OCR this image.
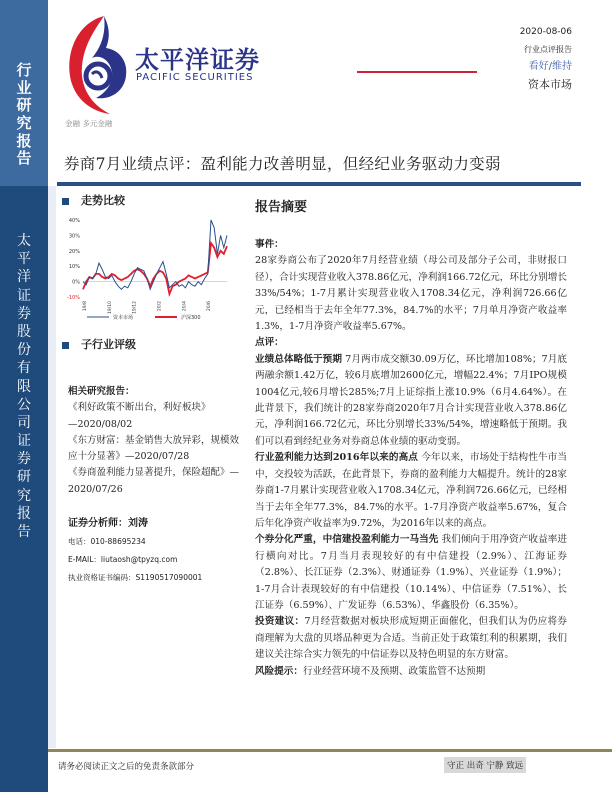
行
业
研
究
报
告
太
平
洋
证
券
股
份
有
限
公
司
证
券
研
究
报
告
太平洋证券
PACIFIC SECURITIES
2020-08-06
行业点评报告
看好/维持
资本市场
金融 多元金融
券商7月业绩点评：盈利能力改善明显，但经纪业务驱动力变弱
走势比较
40%
30%
20%
10%
0%
-10%
19/8	19/10	19/12	20/2	20/4	20/6
资本市场	沪深300
子行业评级
相关研究报告：
《利好政策不断出台，利好板块》
—2020/08/02
《东方财富：基金销售大放异彩，规模效应十分显著》—2020/07/28
《券商盈利能力显著提升，保险超配》—2020/07/26
证券分析师：刘涛
电话：010-88695234
E-MAIL：liutaosh@tpyzq.com
执业资格证书编码：S1190517090001
报告摘要

事件：

28家券商公布了2020年7月经营业绩（母公司及部分子公司，非财报口径），合计实现营业收入378.86亿元，净利润166.72亿元，环比分别增长33%/54%；1-7月累计实现营业收入1708.34亿元，净利润726.66亿元，已经相当于去年全年77.3%，84.7%的水平；7月单月净资产收益率1.3%，1-7月净资产收益率5.67%。

点评：

业绩总体略低于预期 7月两市成交额30.09万亿，环比增加108%；7月底两融余额1.42万亿，较6月底增加2600亿元，增幅22.4%；7月IPO规模1004亿元,较6月增长285%;7月上证综指上涨10.9%（6月4.64%）。在此背景下，我们统计的28家券商2020年7月合计实现营业收入378.86亿元，净利润166.72亿元，环比分别增长33%/54%，增速略低于预期。我们可以看到经纪业务对券商总体业绩的驱动变弱。

行业盈利能力达到2016年以来的高点 今年以来，市场处于结构性牛市当中，交投较为活跃，在此背景下，券商的盈利能力大幅提升。统计的28家券商1-7月累计实现营业收入1708.34亿元，净利润726.66亿元，已经相当于去年全年77.3%，84.7%的水平。1-7月净资产收益率5.67%，复合后年化净资产收益率为9.72%，为2016年以来的高点。

个券分化严重，中信建投盈利能力一马当先 我们倾向于用净资产收益率进行横向对比。7月当月表现较好的有中信建投（2.9%）、江海证券（2.8%）、长江证券（2.3%）、财通证券（1.9%）、兴业证券（1.9%）；1-7月合计表现较好的有中信建投（10.14%）、中信证券（7.51%）、长江证券（6.59%）、广发证券（6.53%）、华鑫股份（6.35%）。

投资建议：7月经营数据对板块形成短期正面催化，但我们认为仍应将券商理解为大盘的贝塔品种更为合适。当前正处于政策红利的积累期，我们建议关注综合实力领先的中信证券以及特色明显的东方财富。

风险提示：行业经营环境不及预期、政策监管不达预期

请务必阅读正文之后的免责条款部分	守正 出奇 宁静 致远
